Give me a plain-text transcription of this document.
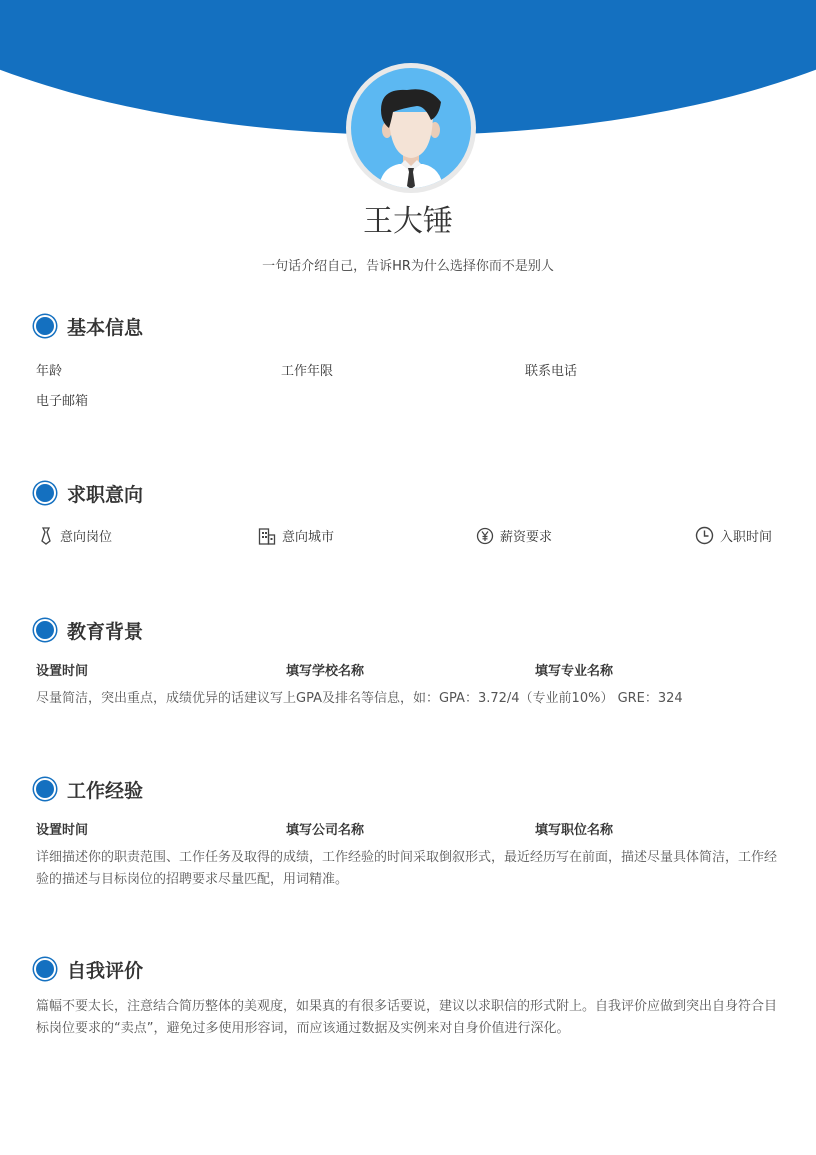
王大锤
一句话介绍自己，告诉HR为什么选择你而不是别人
基本信息
年龄	工作年限	联系电话
电子邮箱
求职意向
意向岗位	意向城市	薪资要求	入职时间
教育背景
设置时间	填写学校名称	填写专业名称
尽量简洁，突出重点，成绩优异的话建议写上GPA及排名等信息，如：GPA：3.72/4（专业前10%） GRE：324
工作经验
设置时间	填写公司名称	填写职位名称
详细描述你的职责范围、工作任务及取得的成绩，工作经验的时间采取倒叙形式，最近经历写在前面，描述尽量具体简洁，工作经验的描述与目标岗位的招聘要求尽量匹配，用词精准。
自我评价
篇幅不要太长，注意结合简历整体的美观度，如果真的有很多话要说，建议以求职信的形式附上。自我评价应做到突出自身符合目标岗位要求的“卖点”，避免过多使用形容词，而应该通过数据及实例来对自身价值进行深化。
